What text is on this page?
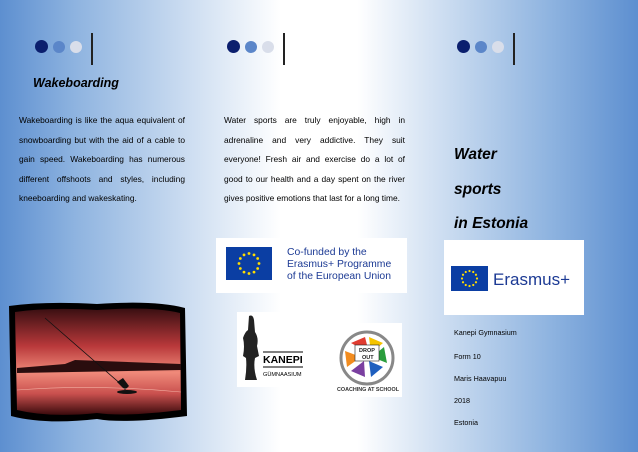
Wakeboarding
Wakeboarding is like the aqua equivalent of snowboarding but with the aid of a cable to gain speed. Wakeboarding has numerous different offshoots and styles, including kneeboarding and wakeskating.
Water sports are truly enjoyable, high in adrenaline and very addictive. They suit everyone! Fresh air and exercise do a lot of good to our health and a day spent on the river gives positive emotions that last for a long time.
Co-funded by the
Erasmus+ Programme
of the European Union
KANEPI
GÜMNAASIUM
DROP
OUT
COACHING AT SCHOOL
Water
sports
in Estonia
Erasmus+
Kanepi Gymnasium
Form 10
Maris Haavapuu
2018
Estonia
